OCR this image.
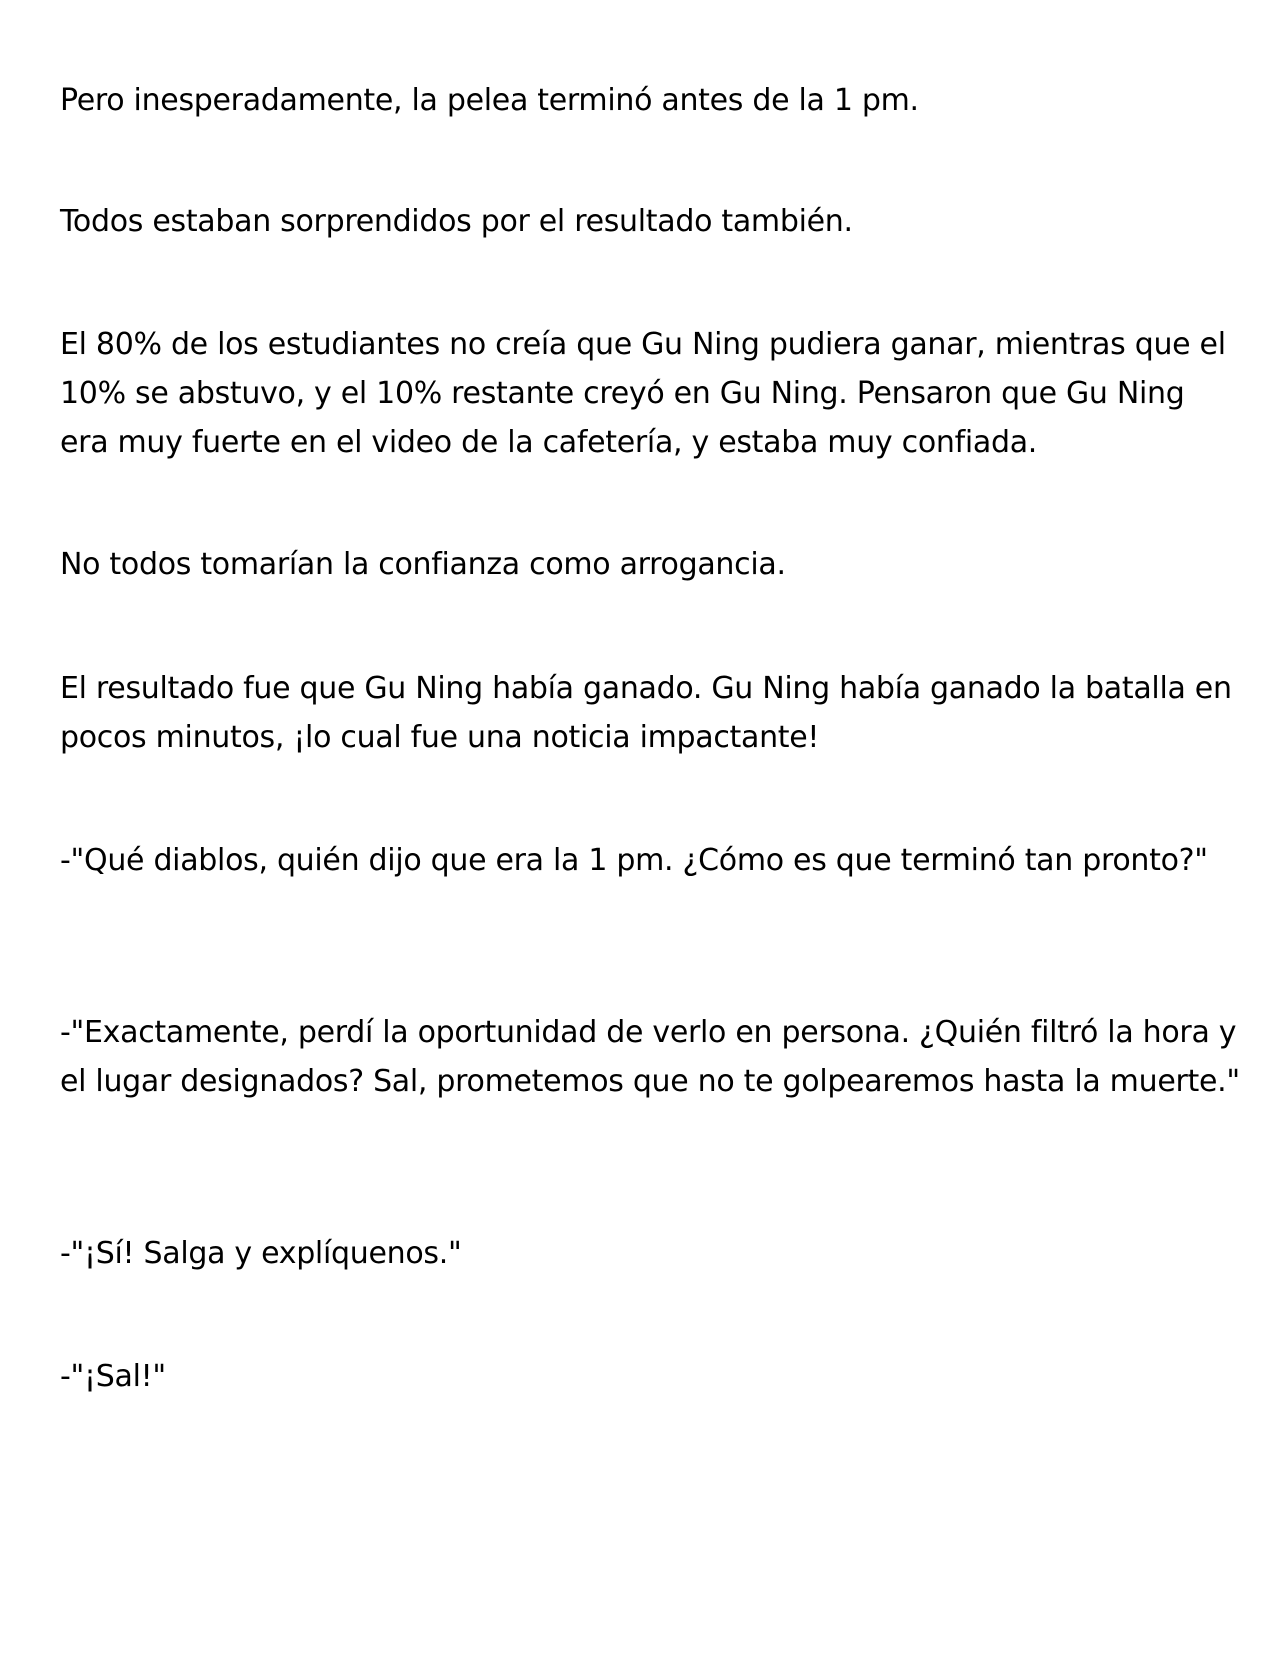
Pero inesperadamente, la pelea terminó antes de la 1 pm.

Todos estaban sorprendidos por el resultado también.

El 80% de los estudiantes no creía que Gu Ning pudiera ganar, mientras que el 10% se abstuvo, y el 10% restante creyó en Gu Ning. Pensaron que Gu Ning era muy fuerte en el video de la cafetería, y estaba muy confiada.

No todos tomarían la confianza como arrogancia.

El resultado fue que Gu Ning había ganado. Gu Ning había ganado la batalla en pocos minutos, ¡lo cual fue una noticia impactante!

-"Qué diablos, quién dijo que era la 1 pm. ¿Cómo es que terminó tan pronto?"

-"Exactamente, perdí la oportunidad de verlo en persona. ¿Quién filtró la hora y el lugar designados? Sal, prometemos que no te golpearemos hasta la muerte."

-"¡Sí! Salga y explíquenos."

-"¡Sal!"
